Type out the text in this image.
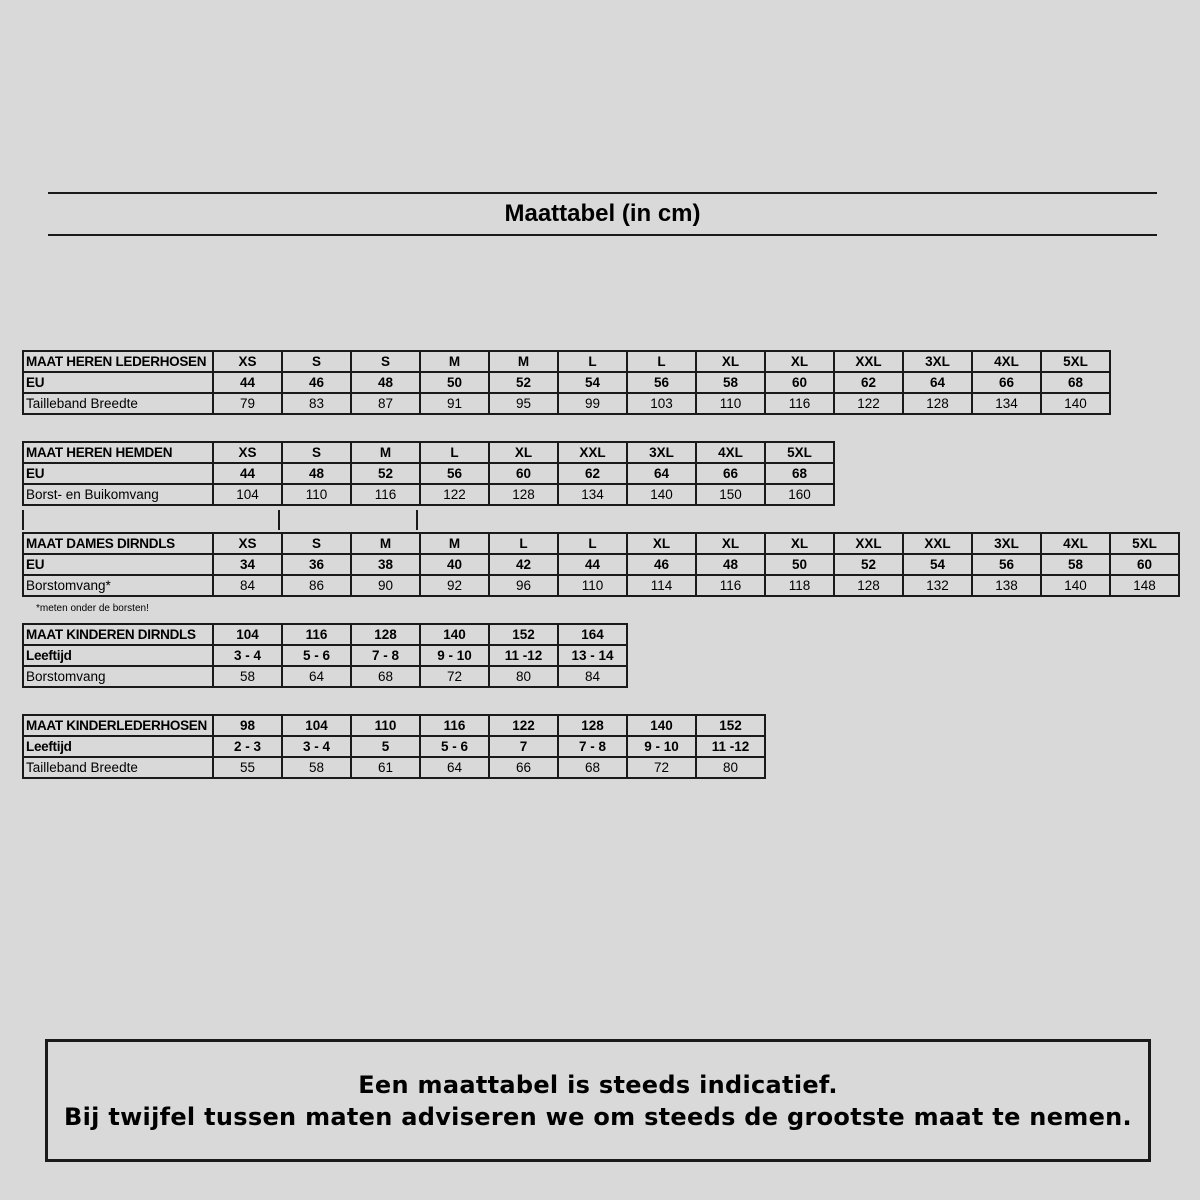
Maattabel (in cm)
MAAT HEREN LEDERHOSEN	XS	S	S	M	M	L	L	XL	XL	XXL	3XL	4XL	5XL
EU	44	46	48	50	52	54	56	58	60	62	64	66	68
Tailleband Breedte	79	83	87	91	95	99	103	110	116	122	128	134	140
MAAT HEREN HEMDEN	XS	S	M	L	XL	XXL	3XL	4XL	5XL
EU	44	48	52	56	60	62	64	66	68
Borst- en Buikomvang	104	110	116	122	128	134	140	150	160
MAAT DAMES DIRNDLS	XS	S	M	M	L	L	XL	XL	XL	XXL	XXL	3XL	4XL	5XL
EU	34	36	38	40	42	44	46	48	50	52	54	56	58	60
Borstomvang*	84	86	90	92	96	110	114	116	118	128	132	138	140	148
*meten onder de borsten!
MAAT KINDEREN DIRNDLS	104	116	128	140	152	164
Leeftijd	3 - 4	5 - 6	7 - 8	9 - 10	11 -12	13 - 14
Borstomvang	58	64	68	72	80	84
MAAT KINDERLEDERHOSEN	98	104	110	116	122	128	140	152
Leeftijd	2 - 3	3 - 4	5	5 - 6	7	7 - 8	9 - 10	11 -12
Tailleband Breedte	55	58	61	64	66	68	72	80
Een maattabel is steeds indicatief.
Bij twijfel tussen maten adviseren we om steeds de grootste maat te nemen.
